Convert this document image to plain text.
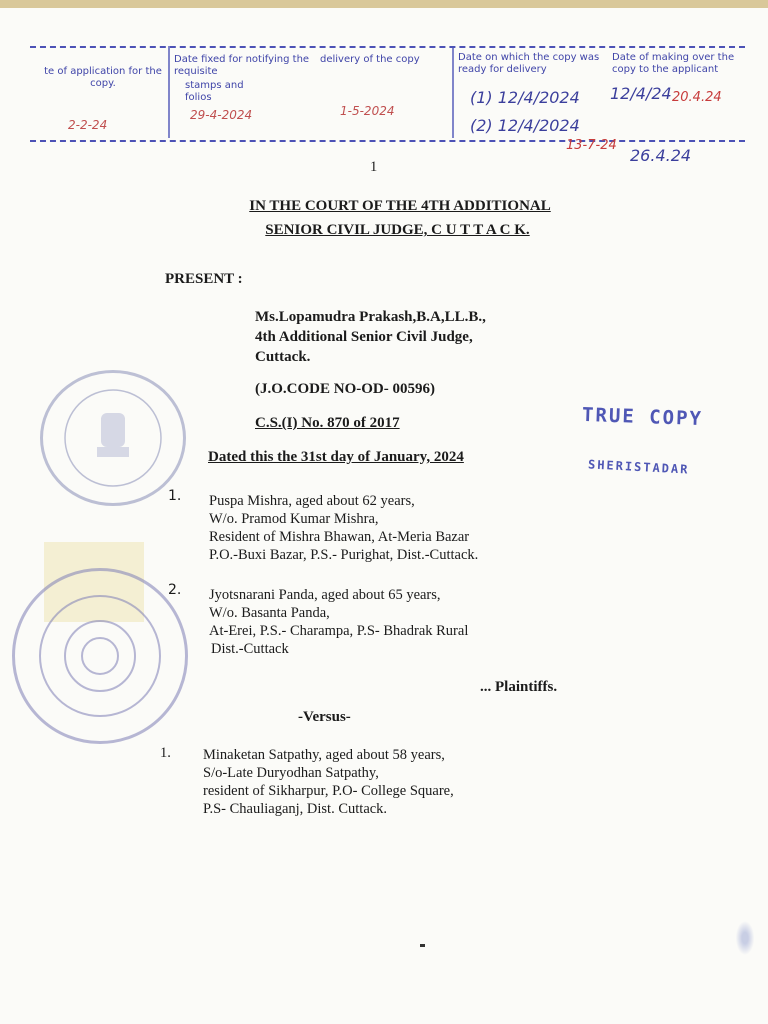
te of application for the copy.
Date fixed for notifying the requisite
stamps and folios
delivery of the copy	Date on which the copy was ready for delivery
Date of making over the copy to the applicant
2-2-24
29-4-2024	1-5-2024
(1) 12/4/2024
(2) 12/4/2024
12/4/24 20.4.24
13-7-24
26.4.24
1
IN THE COURT OF THE 4TH ADDITIONAL
SENIOR CIVIL JUDGE, C U T T A C K.
PRESENT :
Ms.Lopamudra Prakash,B.A,LL.B.,
4th Additional Senior Civil Judge,
Cuttack.
(J.O.CODE NO-OD- 00596)
C.S.(I) No. 870 of 2017
Dated this the 31st day of January, 2024
TRUE COPY
SHERISTADAR
1. Puspa Mishra, aged about 62 years,
W/o. Pramod Kumar Mishra,
Resident of Mishra Bhawan, At-Meria Bazar
P.O.-Buxi Bazar, P.S.- Purighat, Dist.-Cuttack.
2. Jyotsnarani Panda, aged about 65 years,
W/o. Basanta Panda,
At-Erei, P.S.- Charampa, P.S- Bhadrak Rural
Dist.-Cuttack
... Plaintiffs.
-Versus-
1. Minaketan Satpathy, aged about 58 years,
S/o-Late Duryodhan Satpathy,
resident of Sikharpur, P.O- College Square,
P.S- Chauliaganj, Dist. Cuttack.
